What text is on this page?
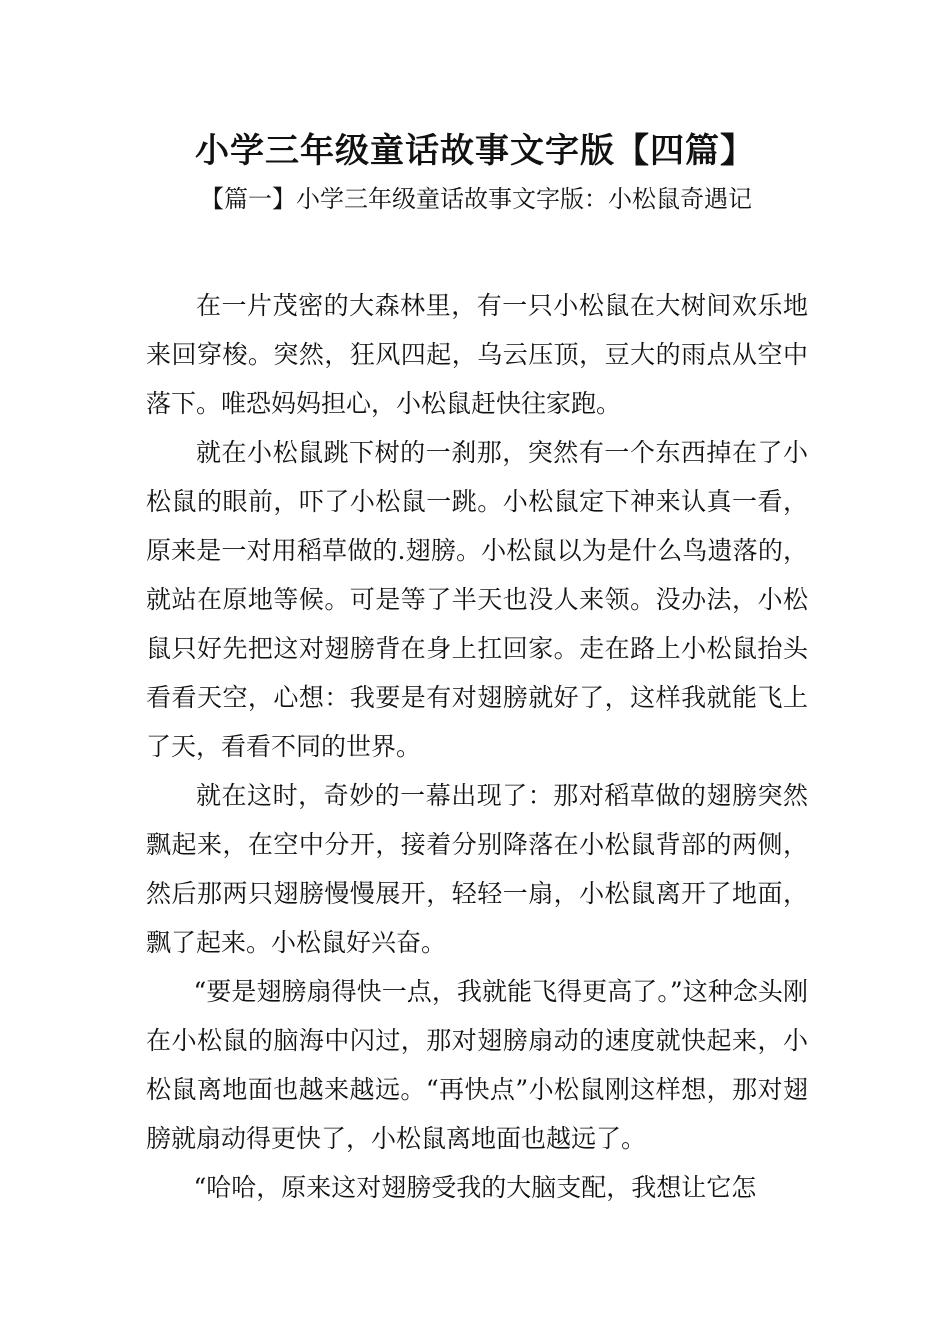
小学三年级童话故事文字版【四篇】
【篇一】小学三年级童话故事文字版：小松鼠奇遇记

在一片茂密的大森林里，有一只小松鼠在大树间欢乐地来回穿梭。突然，狂风四起，乌云压顶，豆大的雨点从空中落下。唯恐妈妈担心，小松鼠赶快往家跑。

就在小松鼠跳下树的一刹那，突然有一个东西掉在了小松鼠的眼前，吓了小松鼠一跳。小松鼠定下神来认真一看，原来是一对用稻草做的.翅膀。小松鼠以为是什么鸟遗落的，就站在原地等候。可是等了半天也没人来领。没办法，小松鼠只好先把这对翅膀背在身上扛回家。走在路上小松鼠抬头看看天空，心想：我要是有对翅膀就好了，这样我就能飞上了天，看看不同的世界。

就在这时，奇妙的一幕出现了：那对稻草做的翅膀突然飘起来，在空中分开，接着分别降落在小松鼠背部的两侧，然后那两只翅膀慢慢展开，轻轻一扇，小松鼠离开了地面，飘了起来。小松鼠好兴奋。

“要是翅膀扇得快一点，我就能飞得更高了。”这种念头刚在小松鼠的脑海中闪过，那对翅膀扇动的速度就快起来，小松鼠离地面也越来越远。“再快点”小松鼠刚这样想，那对翅膀就扇动得更快了，小松鼠离地面也越远了。

“哈哈，原来这对翅膀受我的大脑支配，我想让它怎
